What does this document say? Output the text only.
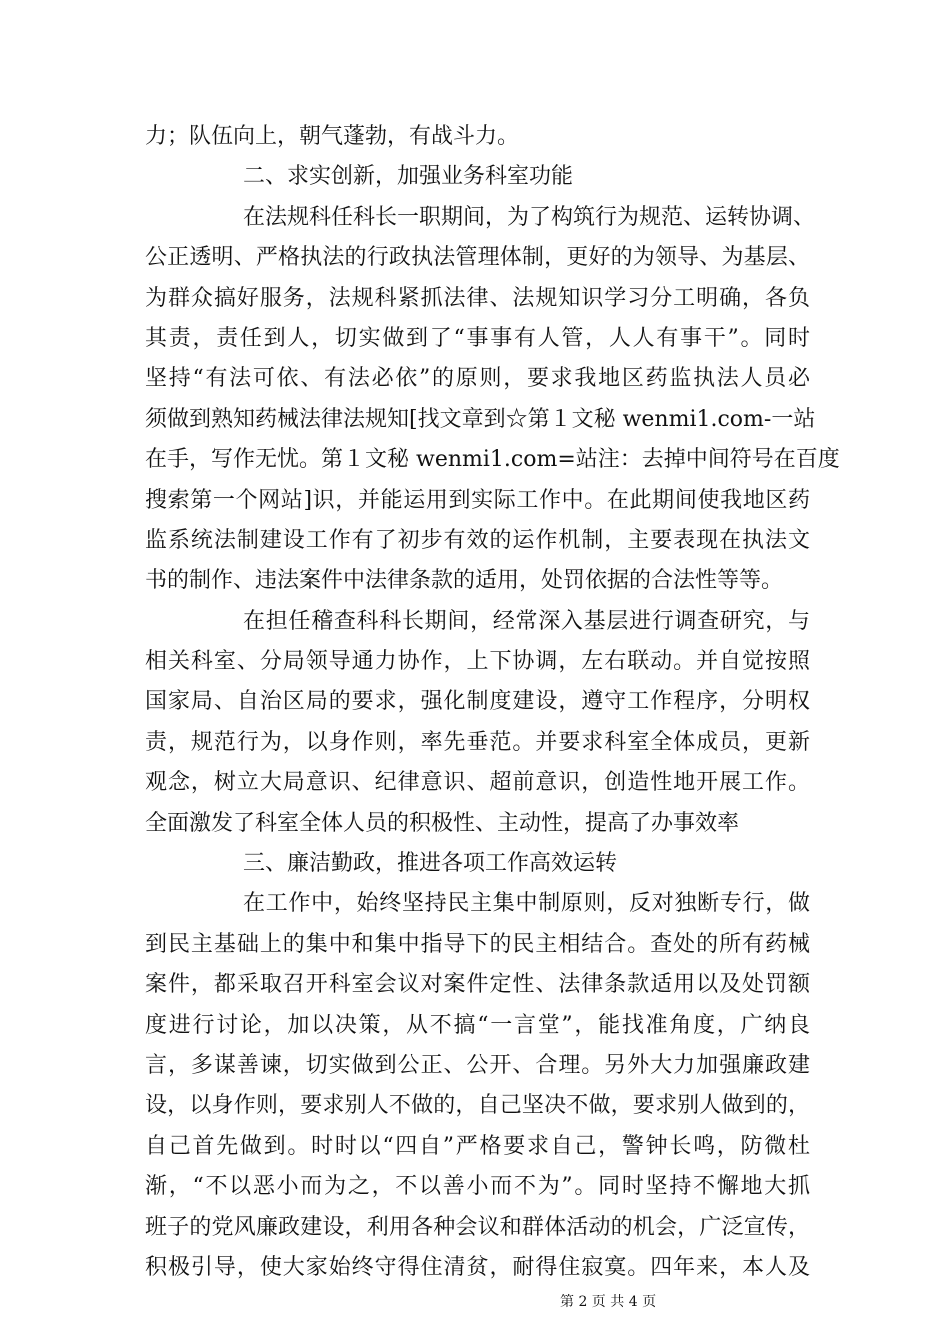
力；队伍向上，朝气蓬勃，有战斗力。
二、求实创新，加强业务科室功能
在法规科任科长一职期间，为了构筑行为规范、运转协调、
公正透明、严格执法的行政执法管理体制，更好的为领导、为基层、
为群众搞好服务，法规科紧抓法律、法规知识学习分工明确，各负
其责，责任到人，切实做到了“事事有人管，人人有事干”。同时
坚持“有法可依、有法必依”的原则，要求我地区药监执法人员必
须做到熟知药械法律法规知[找文章到☆第１文秘 wenmi1.com-一站
在手，写作无忧。第１文秘 wenmi1.com=站注：去掉中间符号在百度
搜索第一个网站]识，并能运用到实际工作中。在此期间使我地区药
监系统法制建设工作有了初步有效的运作机制，主要表现在执法文
书的制作、违法案件中法律条款的适用，处罚依据的合法性等等。
在担任稽查科科长期间，经常深入基层进行调查研究，与
相关科室、分局领导通力协作，上下协调，左右联动。并自觉按照
国家局、自治区局的要求，强化制度建设，遵守工作程序，分明权
责，规范行为，以身作则，率先垂范。并要求科室全体成员，更新
观念，树立大局意识、纪律意识、超前意识，创造性地开展工作。
全面激发了科室全体人员的积极性、主动性，提高了办事效率
三、廉洁勤政，推进各项工作高效运转
在工作中，始终坚持民主集中制原则，反对独断专行，做
到民主基础上的集中和集中指导下的民主相结合。查处的所有药械
案件，都采取召开科室会议对案件定性、法律条款适用以及处罚额
度进行讨论，加以决策，从不搞“一言堂”，能找准角度，广纳良
言，多谋善谏，切实做到公正、公开、合理。另外大力加强廉政建
设，以身作则，要求别人不做的，自己坚决不做，要求别人做到的，
自己首先做到。时时以“四自”严格要求自己，警钟长鸣，防微杜
渐，“不以恶小而为之，不以善小而不为”。同时坚持不懈地大抓
班子的党风廉政建设，利用各种会议和群体活动的机会，广泛宣传，
积极引导，使大家始终守得住清贫，耐得住寂寞。四年来，本人及
第 2 页 共 4 页
